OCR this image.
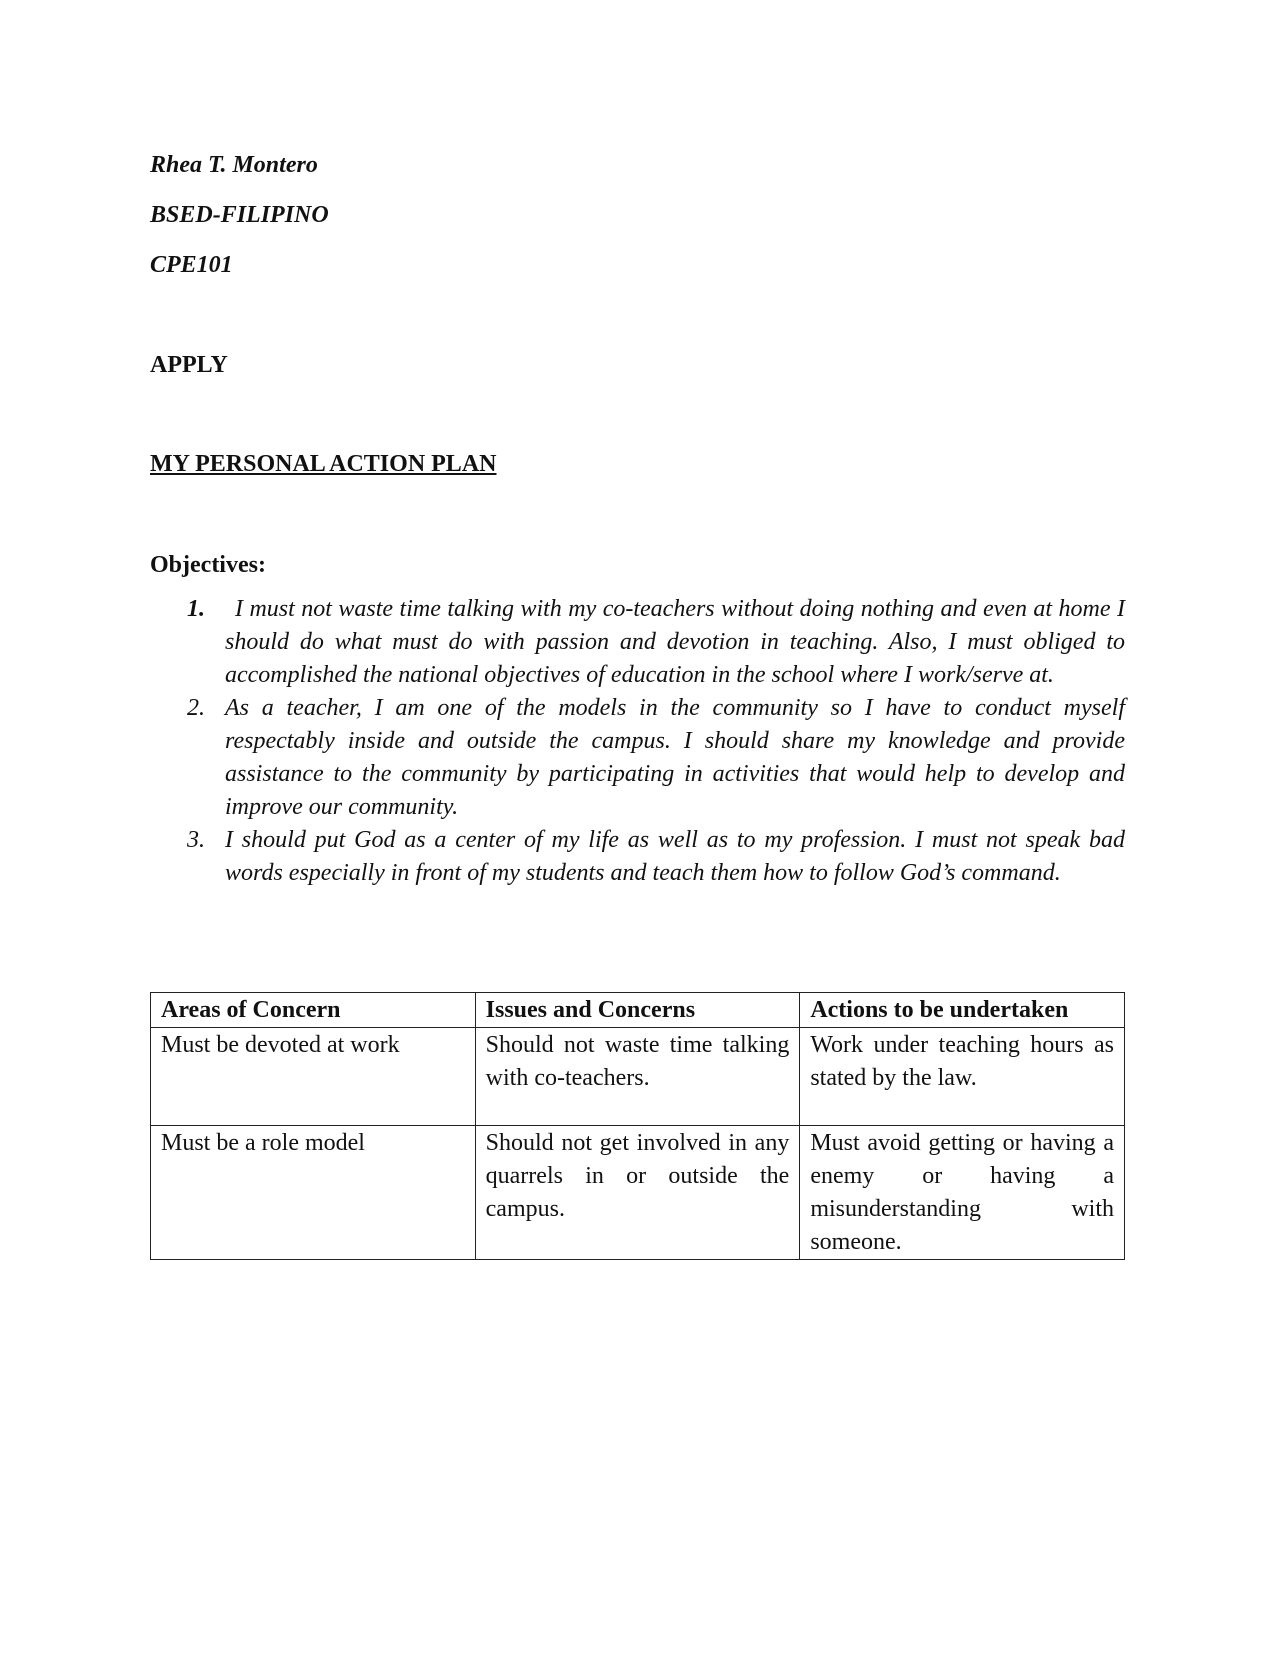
Rhea T. Montero
BSED-FILIPINO
CPE101
APPLY
MY PERSONAL ACTION PLAN
Objectives:
1. I must not waste time talking with my co-teachers without doing nothing and even at home I should do what must do with passion and devotion in teaching. Also, I must obliged to accomplished the national objectives of education in the school where I work/serve at.
2. As a teacher, I am one of the models in the community so I have to conduct myself respectably inside and outside the campus. I should share my knowledge and provide assistance to the community by participating in activities that would help to develop and improve our community.
3. I should put God as a center of my life as well as to my profession. I must not speak bad words especially in front of my students and teach them how to follow God’s command.
Areas of Concern	Issues and Concerns	Actions to be undertaken
Must be devoted at work	Should not waste time talking with co-teachers.	Work under teaching hours as stated by the law.
Must be a role model	Should not get involved in any quarrels in or outside the campus.	Must avoid getting or having a enemy or having a misunderstanding with someone.
